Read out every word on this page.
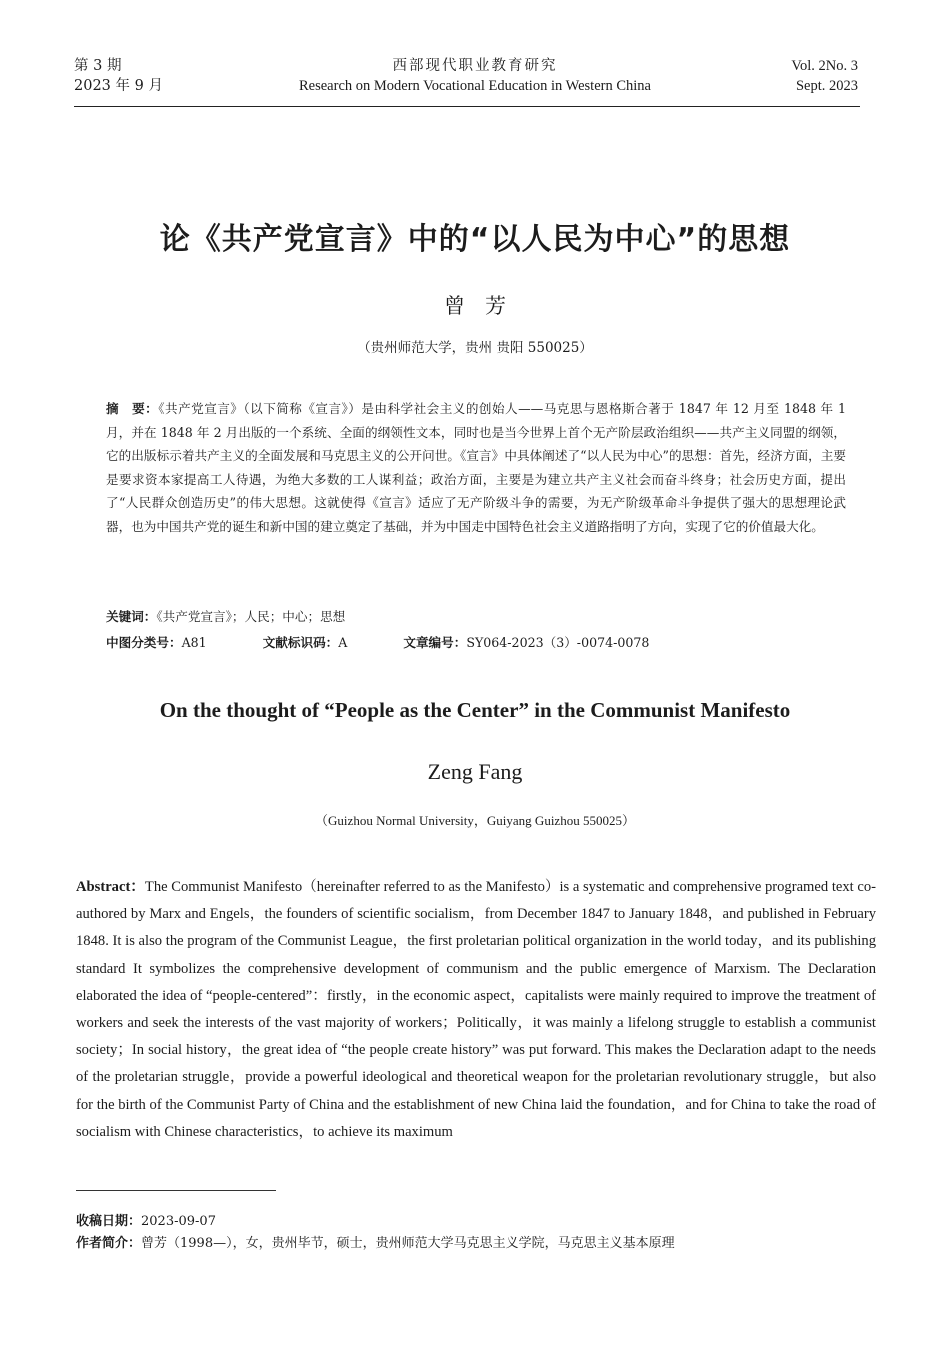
第 3 期
2023 年 9 月
西部现代职业教育研究
Research on Modern Vocational Education in Western China
Vol. 2No. 3
Sept. 2023
论《共产党宣言》中的“以人民为中心”的思想
曾芳
（贵州师范大学，贵州 贵阳 550025）
摘　要：《共产党宣言》（以下简称《宣言》）是由科学社会主义的创始人——马克思与恩格斯合著于 1847 年 12 月至 1848 年 1 月，并在 1848 年 2 月出版的一个系统、全面的纲领性文本，同时也是当今世界上首个无产阶层政治组织——共产主义同盟的纲领，它的出版标示着共产主义的全面发展和马克思主义的公开问世。《宣言》中具体阐述了“以人民为中心”的思想：首先，经济方面，主要是要求资本家提高工人待遇，为绝大多数的工人谋利益；政治方面，主要是为建立共产主义社会而奋斗终身；社会历史方面，提出了“人民群众创造历史”的伟大思想。这就使得《宣言》适应了无产阶级斗争的需要，为无产阶级革命斗争提供了强大的思想理论武器，也为中国共产党的诞生和新中国的建立奠定了基础，并为中国走中国特色社会主义道路指明了方向，实现了它的价值最大化。
关键词：《共产党宣言》；人民；中心；思想
中图分类号：A81	文献标识码：A	文章编号：SY064-2023（3）-0074-0078
On the thought of “People as the Center” in the Communist Manifesto
Zeng Fang
（Guizhou Normal University，Guiyang Guizhou 550025）
Abstract：The Communist Manifesto（hereinafter referred to as the Manifesto）is a systematic and comprehensive programed text co-authored by Marx and Engels，the founders of scientific socialism，from December 1847 to January 1848，and published in February 1848. It is also the program of the Communist League，the first proletarian political organization in the world today，and its publishing standard It symbolizes the comprehensive development of communism and the public emergence of Marxism. The Declaration elaborated the idea of “people-centered”：firstly，in the economic aspect，capitalists were mainly required to improve the treatment of workers and seek the interests of the vast majority of workers；Politically，it was mainly a lifelong struggle to establish a communist society；In social history，the great idea of “the people create history” was put forward. This makes the Declaration adapt to the needs of the proletarian struggle，provide a powerful ideological and theoretical weapon for the proletarian revolutionary struggle，but also for the birth of the Communist Party of China and the establishment of new China laid the foundation，and for China to take the road of socialism with Chinese characteristics，to achieve its maximum
收稿日期：2023-09-07
作者简介：曾芳（1998—），女，贵州毕节，硕士，贵州师范大学马克思主义学院，马克思主义基本原理
